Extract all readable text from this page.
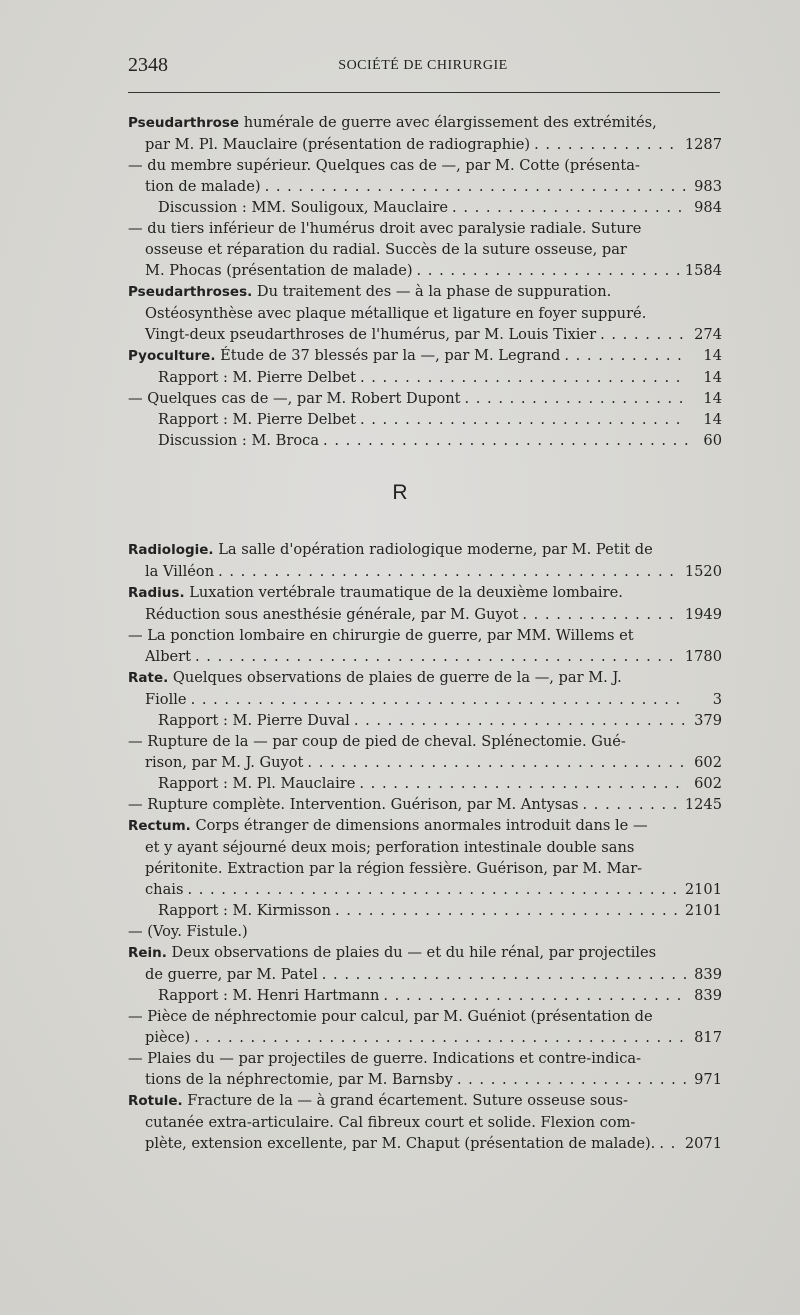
2348	SOCIÉTÉ DE CHIRURGIE
Pseudarthrose humérale de guerre avec élargissement des extrémités,
par M. Pl. Mauclaire (présentation de radiographie) . . .	1287
— du membre supérieur. Quelques cas de —, par M. Cotte (présenta-
tion de malade) . . .	983
Discussion : MM. Souligoux, Mauclaire . . .	984
— du tiers inférieur de l'humérus droit avec paralysie radiale. Suture
osseuse et réparation du radial. Succès de la suture osseuse, par
M. Phocas (présentation de malade) . . .	1584
Pseudarthroses. Du traitement des — à la phase de suppuration.
Ostéosynthèse avec plaque métallique et ligature en foyer suppuré.
Vingt-deux pseudarthroses de l'humérus, par M. Louis Tixier . . .	274
Pyoculture. Étude de 37 blessés par la —, par M. Legrand . . .	14
Rapport : M. Pierre Delbet . . .	14
— Quelques cas de —, par M. Robert Dupont . . .	14
Rapport : M. Pierre Delbet . . .	14
Discussion : M. Broca . . .	60
R
Radiologie. La salle d'opération radiologique moderne, par M. Petit de
la Villéon . . .	1520
Radius. Luxation vertébrale traumatique de la deuxième lombaire.
Réduction sous anesthésie générale, par M. Guyot . . .	1949
— La ponction lombaire en chirurgie de guerre, par MM. Willems et
Albert . . .	1780
Rate. Quelques observations de plaies de guerre de la —, par M. J.
Fiolle . . .	3
Rapport : M. Pierre Duval . . .	379
— Rupture de la — par coup de pied de cheval. Splénectomie. Gué-
rison, par M. J. Guyot . . .	602
Rapport : M. Pl. Mauclaire . . .	602
— Rupture complète. Intervention. Guérison, par M. Antysas . . .	1245
Rectum. Corps étranger de dimensions anormales introduit dans le —
et y ayant séjourné deux mois; perforation intestinale double sans
péritonite. Extraction par la région fessière. Guérison, par M. Mar-
chais . . .	2101
Rapport : M. Kirmisson . . .	2101
— (Voy. Fistule.)
Rein. Deux observations de plaies du — et du hile rénal, par projectiles
de guerre, par M. Patel . . .	839
Rapport : M. Henri Hartmann . . .	839
— Pièce de néphrectomie pour calcul, par M. Guéniot (présentation de
pièce) . . .	817
— Plaies du — par projectiles de guerre. Indications et contre-indica-
tions de la néphrectomie, par M. Barnsby . . .	971
Rotule. Fracture de la — à grand écartement. Suture osseuse sous-
cutanée extra-articulaire. Cal fibreux court et solide. Flexion com-
plète, extension excellente, par M. Chaput (présentation de malade). . . . 2071
